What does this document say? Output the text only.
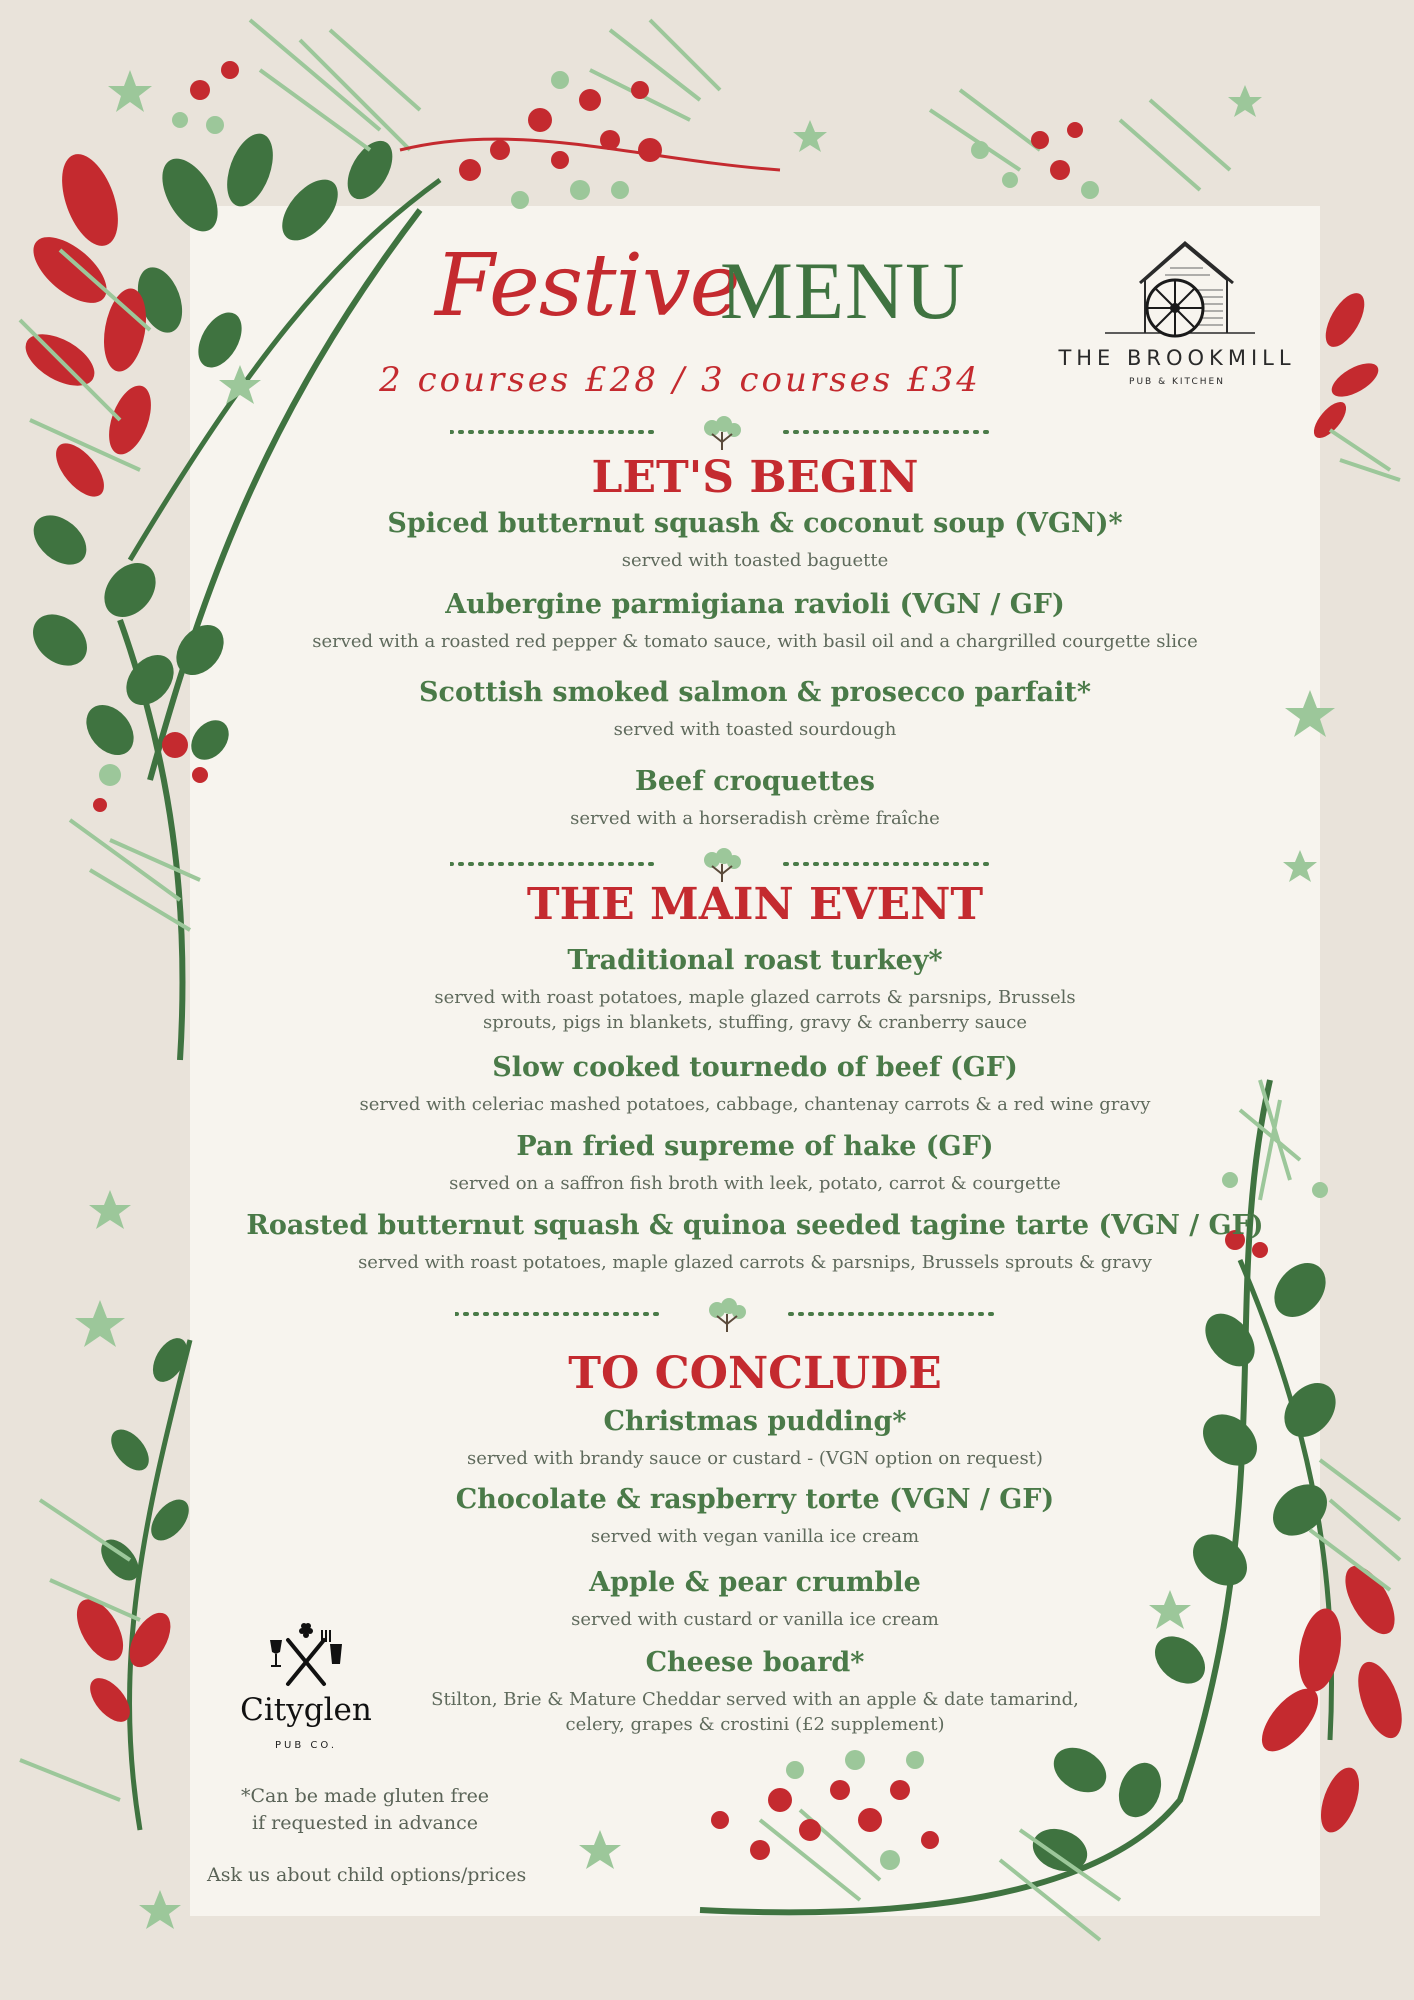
Festive
MENU
2 courses £28 / 3 courses £34
THE BROOKMILL
PUB & KITCHEN
LET'S BEGIN
Spiced butternut squash & coconut soup (VGN)*
served with toasted baguette
Aubergine parmigiana ravioli (VGN / GF)
served with a roasted red pepper & tomato sauce, with basil oil and a chargrilled courgette slice
Scottish smoked salmon & prosecco parfait*
served with toasted sourdough
Beef croquettes
served with a horseradish crème fraîche
THE MAIN EVENT
Traditional roast turkey*
served with roast potatoes, maple glazed carrots & parsnips, Brussels
sprouts, pigs in blankets, stuffing, gravy & cranberry sauce
Slow cooked tournedo of beef (GF)
served with celeriac mashed potatoes, cabbage, chantenay carrots & a red wine gravy
Pan fried supreme of hake (GF)
served on a saffron fish broth with leek, potato, carrot & courgette
Roasted butternut squash & quinoa seeded tagine tarte (VGN / GF)
served with roast potatoes, maple glazed carrots & parsnips, Brussels sprouts & gravy
TO CONCLUDE
Christmas pudding*
served with brandy sauce or custard - (VGN option on request)
Chocolate & raspberry torte (VGN / GF)
served with vegan vanilla ice cream
Apple & pear crumble
served with custard or vanilla ice cream
Cheese board*
Stilton, Brie & Mature Cheddar served with an apple & date tamarind,
celery, grapes & crostini (£2 supplement)
Cityglen
PUB CO.
*Can be made gluten free
if requested in advance
Ask us about child options/prices
